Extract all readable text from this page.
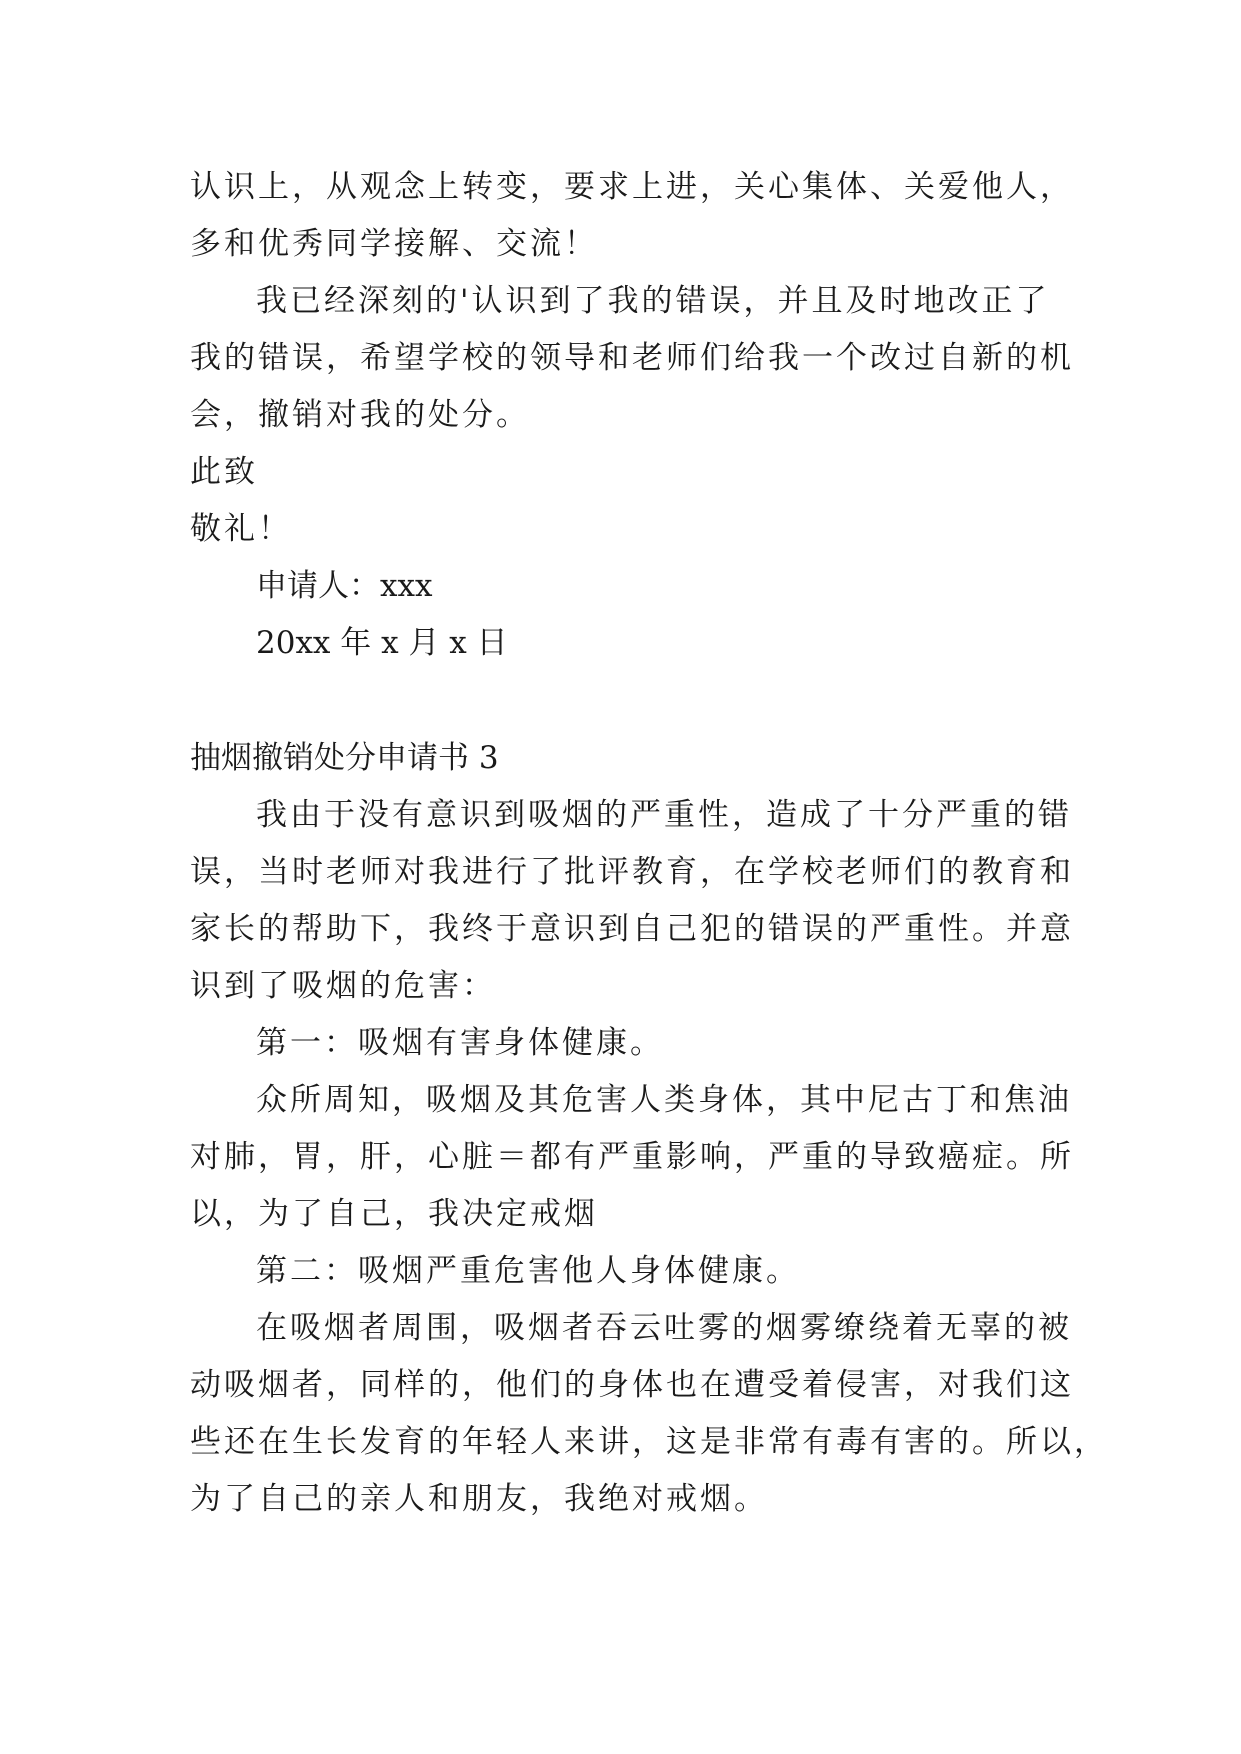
认识上，从观念上转变，要求上进，关心集体、关爱他人，
多和优秀同学接解、交流！
我已经深刻的'认识到了我的错误，并且及时地改正了
我的错误，希望学校的领导和老师们给我一个改过自新的机
会，撤销对我的处分。
此致
敬礼！
申请人：xxx
20xx 年 x 月 x 日
抽烟撤销处分申请书 3
我由于没有意识到吸烟的严重性，造成了十分严重的错
误，当时老师对我进行了批评教育，在学校老师们的教育和
家长的帮助下，我终于意识到自己犯的错误的严重性。并意
识到了吸烟的危害：
第一：吸烟有害身体健康。
众所周知，吸烟及其危害人类身体，其中尼古丁和焦油
对肺，胃，肝，心脏＝都有严重影响，严重的导致癌症。所
以，为了自己，我决定戒烟
第二：吸烟严重危害他人身体健康。
在吸烟者周围，吸烟者吞云吐雾的烟雾缭绕着无辜的被
动吸烟者，同样的，他们的身体也在遭受着侵害，对我们这
些还在生长发育的年轻人来讲，这是非常有毒有害的。所以，
为了自己的亲人和朋友，我绝对戒烟。
